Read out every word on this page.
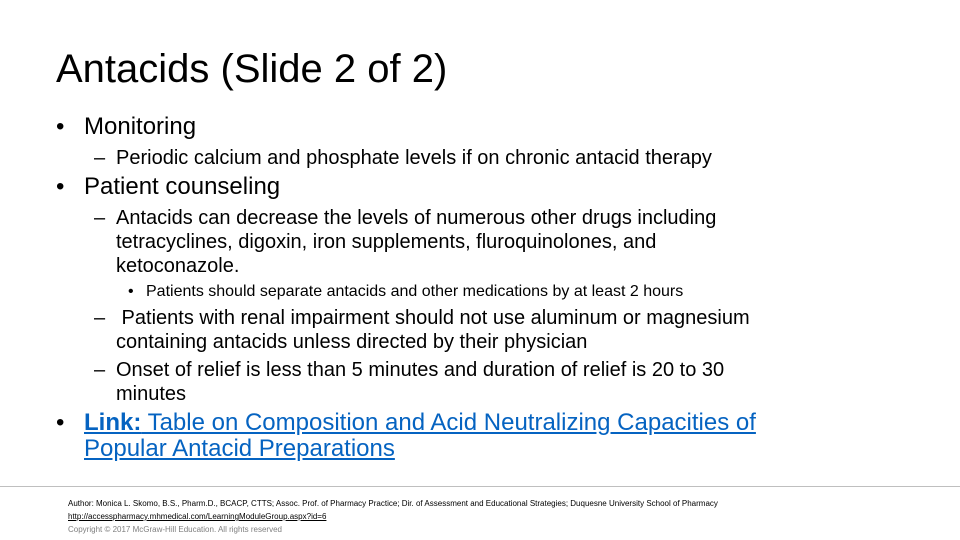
Antacids (Slide 2 of 2)
• Monitoring
– Periodic calcium and phosphate levels if on chronic antacid therapy
• Patient counseling
– Antacids can decrease the levels of numerous other drugs including
tetracyclines, digoxin, iron supplements, fluroquinolones, and
ketoconazole.
• Patients should separate antacids and other medications by at least 2 hours
– Patients with renal impairment should not use aluminum or magnesium
containing antacids unless directed by their physician
– Onset of relief is less than 5 minutes and duration of relief is 20 to 30
minutes
• Link: Table on Composition and Acid Neutralizing Capacities of
Popular Antacid Preparations
Author: Monica L. Skomo, B.S., Pharm.D., BCACP, CTTS; Assoc. Prof. of Pharmacy Practice; Dir. of Assessment and Educational Strategies; Duquesne University School of Pharmacy
http://accesspharmacy.mhmedical.com/LearningModuleGroup.aspx?id=6
Copyright © 2017 McGraw-Hill Education. All rights reserved
